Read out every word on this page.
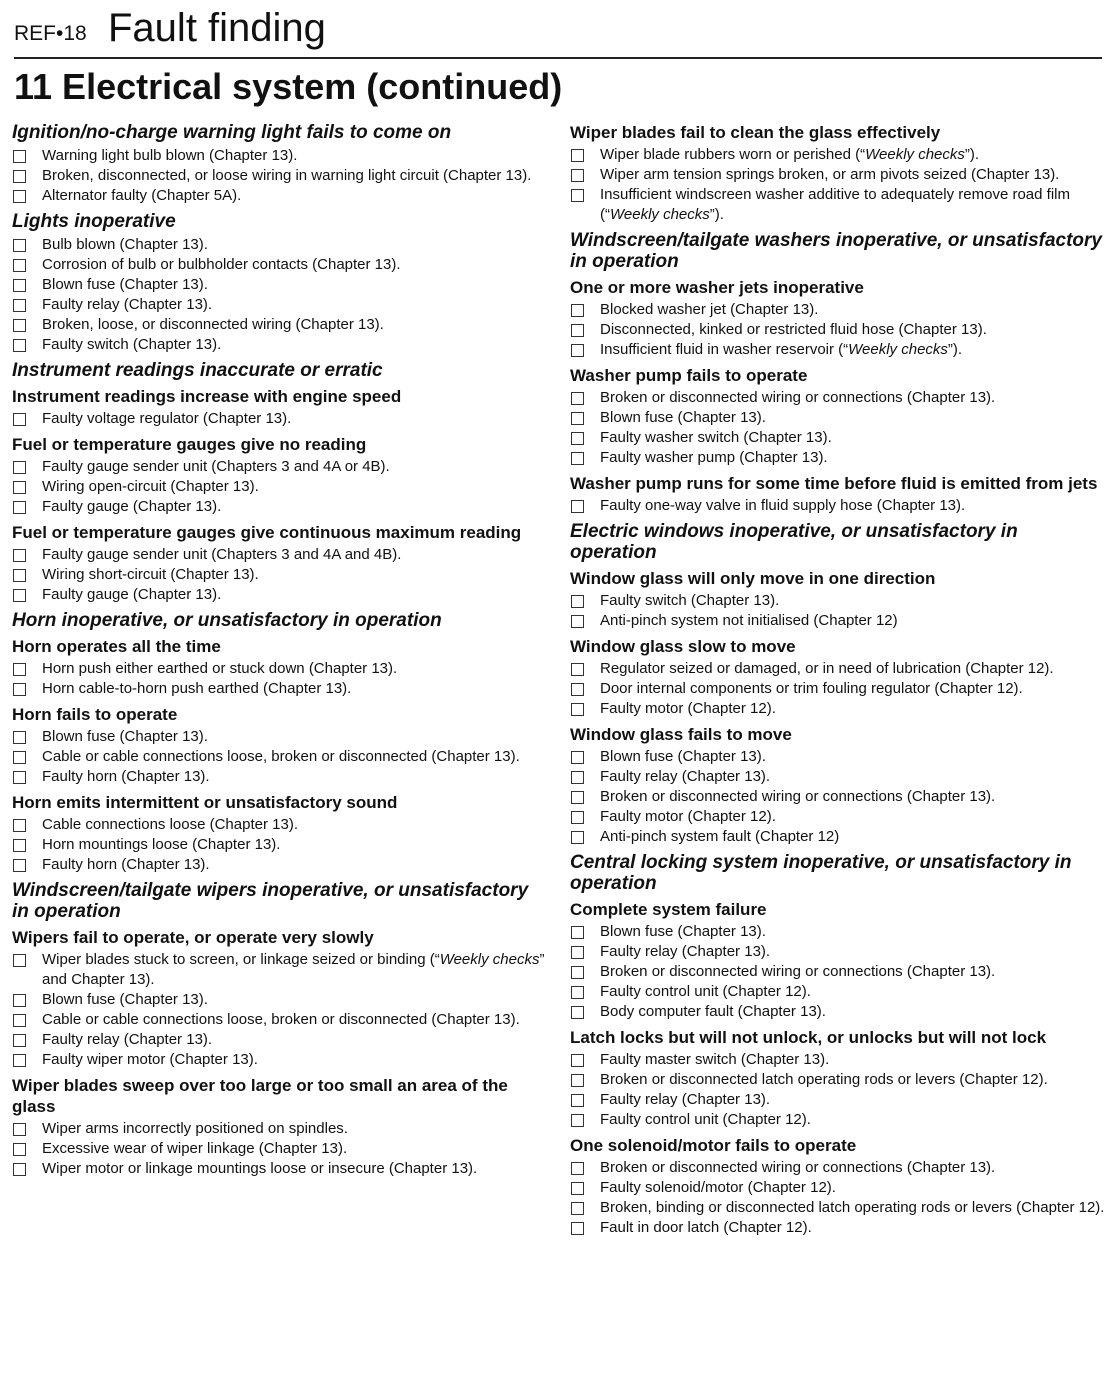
REF•18 Fault finding
11 Electrical system (continued)
Ignition/no-charge warning light fails to come on
Warning light bulb blown (Chapter 13).
Broken, disconnected, or loose wiring in warning light circuit (Chapter 13).
Alternator faulty (Chapter 5A).
Lights inoperative
Bulb blown (Chapter 13).
Corrosion of bulb or bulbholder contacts (Chapter 13).
Blown fuse (Chapter 13).
Faulty relay (Chapter 13).
Broken, loose, or disconnected wiring (Chapter 13).
Faulty switch (Chapter 13).
Instrument readings inaccurate or erratic
Instrument readings increase with engine speed
Faulty voltage regulator (Chapter 13).
Fuel or temperature gauges give no reading
Faulty gauge sender unit (Chapters 3 and 4A or 4B).
Wiring open-circuit (Chapter 13).
Faulty gauge (Chapter 13).
Fuel or temperature gauges give continuous maximum reading
Faulty gauge sender unit (Chapters 3 and 4A and 4B).
Wiring short-circuit (Chapter 13).
Faulty gauge (Chapter 13).
Horn inoperative, or unsatisfactory in operation
Horn operates all the time
Horn push either earthed or stuck down (Chapter 13).
Horn cable-to-horn push earthed (Chapter 13).
Horn fails to operate
Blown fuse (Chapter 13).
Cable or cable connections loose, broken or disconnected (Chapter 13).
Faulty horn (Chapter 13).
Horn emits intermittent or unsatisfactory sound
Cable connections loose (Chapter 13).
Horn mountings loose (Chapter 13).
Faulty horn (Chapter 13).
Windscreen/tailgate wipers inoperative, or unsatisfactory in operation
Wipers fail to operate, or operate very slowly
Wiper blades stuck to screen, or linkage seized or binding (“Weekly checks” and Chapter 13).
Blown fuse (Chapter 13).
Cable or cable connections loose, broken or disconnected (Chapter 13).
Faulty relay (Chapter 13).
Faulty wiper motor (Chapter 13).
Wiper blades sweep over too large or too small an area of the glass
Wiper arms incorrectly positioned on spindles.
Excessive wear of wiper linkage (Chapter 13).
Wiper motor or linkage mountings loose or insecure (Chapter 13).
Wiper blades fail to clean the glass effectively
Wiper blade rubbers worn or perished (“Weekly checks”).
Wiper arm tension springs broken, or arm pivots seized (Chapter 13).
Insufficient windscreen washer additive to adequately remove road film (“Weekly checks”).
Windscreen/tailgate washers inoperative, or unsatisfactory in operation
One or more washer jets inoperative
Blocked washer jet (Chapter 13).
Disconnected, kinked or restricted fluid hose (Chapter 13).
Insufficient fluid in washer reservoir (“Weekly checks”).
Washer pump fails to operate
Broken or disconnected wiring or connections (Chapter 13).
Blown fuse (Chapter 13).
Faulty washer switch (Chapter 13).
Faulty washer pump (Chapter 13).
Washer pump runs for some time before fluid is emitted from jets
Faulty one-way valve in fluid supply hose (Chapter 13).
Electric windows inoperative, or unsatisfactory in operation
Window glass will only move in one direction
Faulty switch (Chapter 13).
Anti-pinch system not initialised (Chapter 12)
Window glass slow to move
Regulator seized or damaged, or in need of lubrication (Chapter 12).
Door internal components or trim fouling regulator (Chapter 12).
Faulty motor (Chapter 12).
Window glass fails to move
Blown fuse (Chapter 13).
Faulty relay (Chapter 13).
Broken or disconnected wiring or connections (Chapter 13).
Faulty motor (Chapter 12).
Anti-pinch system fault (Chapter 12)
Central locking system inoperative, or unsatisfactory in operation
Complete system failure
Blown fuse (Chapter 13).
Faulty relay (Chapter 13).
Broken or disconnected wiring or connections (Chapter 13).
Faulty control unit (Chapter 12).
Body computer fault (Chapter 13).
Latch locks but will not unlock, or unlocks but will not lock
Faulty master switch (Chapter 13).
Broken or disconnected latch operating rods or levers (Chapter 12).
Faulty relay (Chapter 13).
Faulty control unit (Chapter 12).
One solenoid/motor fails to operate
Broken or disconnected wiring or connections (Chapter 13).
Faulty solenoid/motor (Chapter 12).
Broken, binding or disconnected latch operating rods or levers (Chapter 12).
Fault in door latch (Chapter 12).
